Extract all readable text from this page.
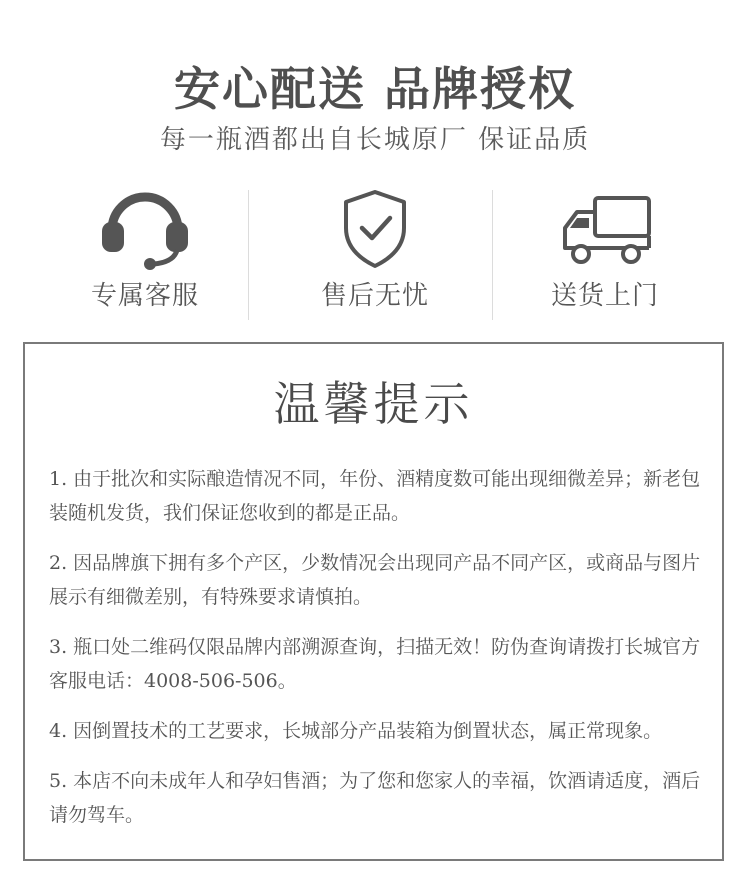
安心配送 品牌授权
每一瓶酒都出自长城原厂 保证品质
专属客服	售后无忧	送货上门
温馨提示
1. 由于批次和实际酿造情况不同，年份、酒精度数可能出现细微差异；新老包装随机发货，我们保证您收到的都是正品。
2. 因品牌旗下拥有多个产区，少数情况会出现同产品不同产区，或商品与图片展示有细微差别，有特殊要求请慎拍。
3. 瓶口处二维码仅限品牌内部溯源查询，扫描无效！防伪查询请拨打长城官方客服电话：4008-506-506。
4. 因倒置技术的工艺要求，长城部分产品装箱为倒置状态，属正常现象。
5. 本店不向未成年人和孕妇售酒；为了您和您家人的幸福，饮酒请适度，酒后请勿驾车。
